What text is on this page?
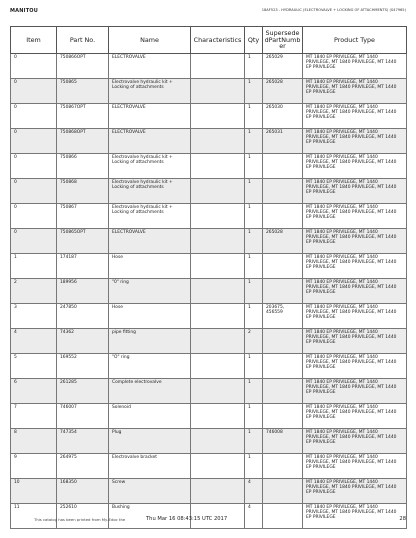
MANITOU	18AF523 - HYDRAULIC (ELECTROVALVE + LOCKING OF ATTACHMENTS) (S47965)
Item	Part No.	Name	Characteristics	Qty	SupersededPartNumber	Product Type
0	750866OPT	ELECTROVALVE		1	265029	MT 1840 EP PRIVILEGE, MT 1440 PRIVILEGE, MT 1840 PRIVILEGE, MT 1440 EP PRIVILEGE
0	750865	Electrovalve hydraulic kit + Locking of attachments		1	265028	MT 1840 EP PRIVILEGE, MT 1440 PRIVILEGE, MT 1840 PRIVILEGE, MT 1440 EP PRIVILEGE
0	750867OPT	ELECTROVALVE		1	265030	MT 1840 EP PRIVILEGE, MT 1440 PRIVILEGE, MT 1840 PRIVILEGE, MT 1440 EP PRIVILEGE
0	750868OPT	ELECTROVALVE		1	265031	MT 1840 EP PRIVILEGE, MT 1440 PRIVILEGE, MT 1840 PRIVILEGE, MT 1440 EP PRIVILEGE
0	750866	Electrovalve hydraulic kit + Locking of attachments		1		MT 1840 EP PRIVILEGE, MT 1440 PRIVILEGE, MT 1840 PRIVILEGE, MT 1440 EP PRIVILEGE
0	750868	Electrovalve hydraulic kit + Locking of attachments		1		MT 1840 EP PRIVILEGE, MT 1440 PRIVILEGE, MT 1840 PRIVILEGE, MT 1440 EP PRIVILEGE
0	750867	Electrovalve hydraulic kit + Locking of attachments		1		MT 1840 EP PRIVILEGE, MT 1440 PRIVILEGE, MT 1840 PRIVILEGE, MT 1440 EP PRIVILEGE
0	750865OPT	ELECTROVALVE		1	265028	MT 1840 EP PRIVILEGE, MT 1440 PRIVILEGE, MT 1840 PRIVILEGE, MT 1440 EP PRIVILEGE
1	174187	Hose		1		MT 1840 EP PRIVILEGE, MT 1440 PRIVILEGE, MT 1840 PRIVILEGE, MT 1440 EP PRIVILEGE
2	189956	"0" ring		1		MT 1840 EP PRIVILEGE, MT 1440 PRIVILEGE, MT 1840 PRIVILEGE, MT 1440 EP PRIVILEGE
3	247850	Hose		1	203675, 456559	MT 1840 EP PRIVILEGE, MT 1440 PRIVILEGE, MT 1840 PRIVILEGE, MT 1440 EP PRIVILEGE
4	74362	pipe fitting		2		MT 1840 EP PRIVILEGE, MT 1440 PRIVILEGE, MT 1840 PRIVILEGE, MT 1440 EP PRIVILEGE
5	169552	"O" ring		1		MT 1840 EP PRIVILEGE, MT 1440 PRIVILEGE, MT 1840 PRIVILEGE, MT 1440 EP PRIVILEGE
6	261285	Complete electrovalve		1		MT 1840 EP PRIVILEGE, MT 1440 PRIVILEGE, MT 1840 PRIVILEGE, MT 1440 EP PRIVILEGE
7	746007	Solenoid		1		MT 1840 EP PRIVILEGE, MT 1440 PRIVILEGE, MT 1840 PRIVILEGE, MT 1440 EP PRIVILEGE
8	747354	Plug		1	746008	MT 1840 EP PRIVILEGE, MT 1440 PRIVILEGE, MT 1840 PRIVILEGE, MT 1440 EP PRIVILEGE
9	264975	Electrovalve bracket		1		MT 1840 EP PRIVILEGE, MT 1440 PRIVILEGE, MT 1840 PRIVILEGE, MT 1440 EP PRIVILEGE
10	168350	Screw		4		MT 1840 EP PRIVILEGE, MT 1440 PRIVILEGE, MT 1840 PRIVILEGE, MT 1440 EP PRIVILEGE
11	252610	Bushing		4		MT 1840 EP PRIVILEGE, MT 1440 PRIVILEGE, MT 1840 PRIVILEGE, MT 1440 EP PRIVILEGE
This catalog has been printed from My-Edoc the	Thu Mar 16 08:43:15 UTC 2017	28
